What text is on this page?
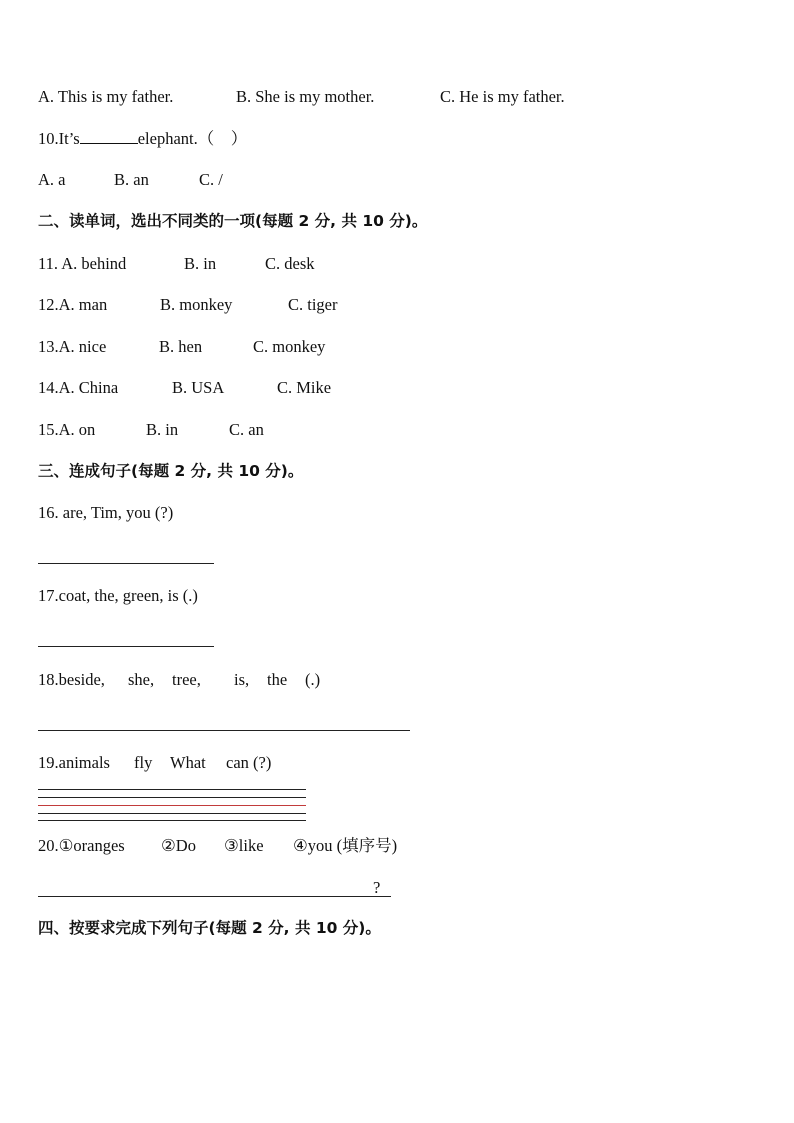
A. This is my father.	B. She is my mother.	C. He is my father.
10.It’s	elephant.（　）
A. a	B. an	C. /
二、读单词，选出不同类的一项(每题 2 分, 共 10 分)。
11. A. behind	B. in	C. desk
12.A. man	B. monkey	C. tiger
13.A. nice	B. hen	C. monkey
14.A. China	B. USA	C. Mike
15.A. on	B. in	C. an
三、连成句子(每题 2 分, 共 10 分)。
16. are, Tim, you (?)
17.coat, the, green, is (.)
18.beside, she, tree, is, the (.)
19.animals fly What can (?)
20.①oranges ②Do ③like ④you (填序号)
?
四、按要求完成下列句子(每题 2 分, 共 10 分)。
